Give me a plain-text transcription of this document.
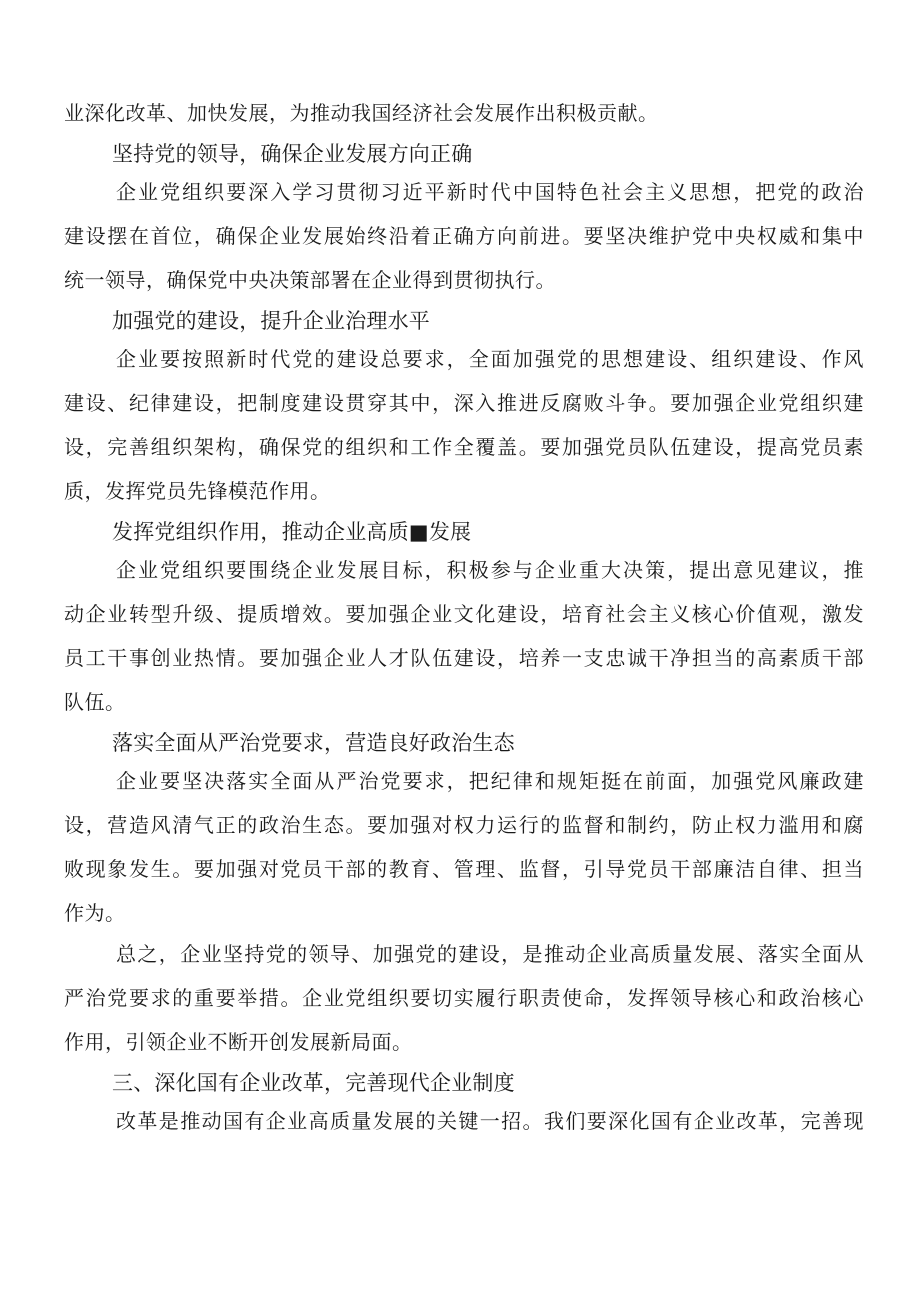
业深化改革、加快发展，为推动我国经济社会发展作出积极贡献。
坚持党的领导，确保企业发展方向正确
企业党组织要深入学习贯彻习近平新时代中国特色社会主义思想，把党的政治
建设摆在首位，确保企业发展始终沿着正确方向前进。要坚决维护党中央权威和集中
统一领导，确保党中央决策部署在企业得到贯彻执行。
加强党的建设，提升企业治理水平
企业要按照新时代党的建设总要求，全面加强党的思想建设、组织建设、作风
建设、纪律建设，把制度建设贯穿其中，深入推进反腐败斗争。要加强企业党组织建
设，完善组织架构，确保党的组织和工作全覆盖。要加强党员队伍建设，提高党员素
质，发挥党员先锋模范作用。
发挥党组织作用，推动企业高质■发展
企业党组织要围绕企业发展目标，积极参与企业重大决策，提出意见建议，推
动企业转型升级、提质增效。要加强企业文化建设，培育社会主义核心价值观，激发
员工干事创业热情。要加强企业人才队伍建设，培养一支忠诚干净担当的高素质干部
队伍。
落实全面从严治党要求，营造良好政治生态
企业要坚决落实全面从严治党要求，把纪律和规矩挺在前面，加强党风廉政建
设，营造风清气正的政治生态。要加强对权力运行的监督和制约，防止权力滥用和腐
败现象发生。要加强对党员干部的教育、管理、监督，引导党员干部廉洁自律、担当
作为。
总之，企业坚持党的领导、加强党的建设，是推动企业高质量发展、落实全面从
严治党要求的重要举措。企业党组织要切实履行职责使命，发挥领导核心和政治核心
作用，引领企业不断开创发展新局面。
三、深化国有企业改革，完善现代企业制度
改革是推动国有企业高质量发展的关键一招。我们要深化国有企业改革，完善现
